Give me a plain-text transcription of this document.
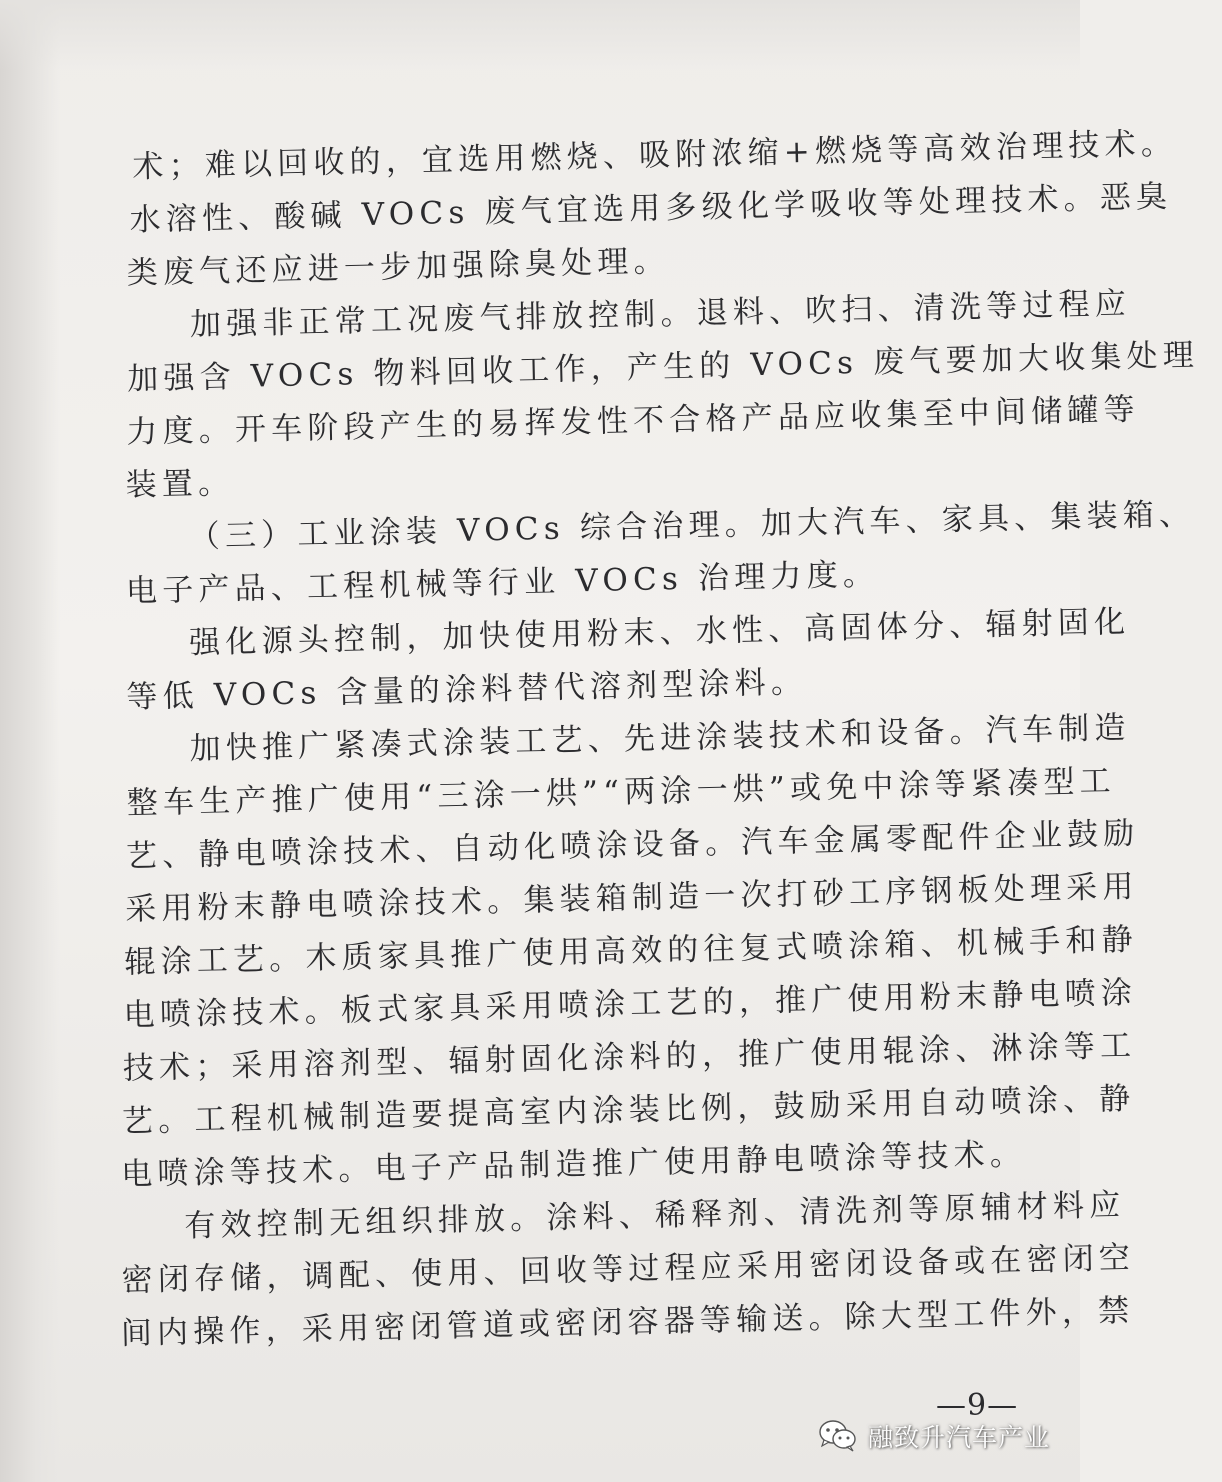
术；难以回收的，宜选用燃烧、吸附浓缩+燃烧等高效治理技术。
水溶性、酸碱 VOCs 废气宜选用多级化学吸收等处理技术。恶臭
类废气还应进一步加强除臭处理。
加强非正常工况废气排放控制。退料、吹扫、清洗等过程应
加强含 VOCs 物料回收工作，产生的 VOCs 废气要加大收集处理
力度。开车阶段产生的易挥发性不合格产品应收集至中间储罐等
装置。
（三）工业涂装 VOCs 综合治理。加大汽车、家具、集装箱、
电子产品、工程机械等行业 VOCs 治理力度。
强化源头控制，加快使用粉末、水性、高固体分、辐射固化
等低 VOCs 含量的涂料替代溶剂型涂料。
加快推广紧凑式涂装工艺、先进涂装技术和设备。汽车制造
整车生产推广使用“三涂一烘”“两涂一烘”或免中涂等紧凑型工
艺、静电喷涂技术、自动化喷涂设备。汽车金属零配件企业鼓励
采用粉末静电喷涂技术。集装箱制造一次打砂工序钢板处理采用
辊涂工艺。木质家具推广使用高效的往复式喷涂箱、机械手和静
电喷涂技术。板式家具采用喷涂工艺的，推广使用粉末静电喷涂
技术；采用溶剂型、辐射固化涂料的，推广使用辊涂、淋涂等工
艺。工程机械制造要提高室内涂装比例，鼓励采用自动喷涂、静
电喷涂等技术。电子产品制造推广使用静电喷涂等技术。
有效控制无组织排放。涂料、稀释剂、清洗剂等原辅材料应
密闭存储，调配、使用、回收等过程应采用密闭设备或在密闭空
间内操作，采用密闭管道或密闭容器等输送。除大型工件外，禁
—9—
融致升汽车产业
